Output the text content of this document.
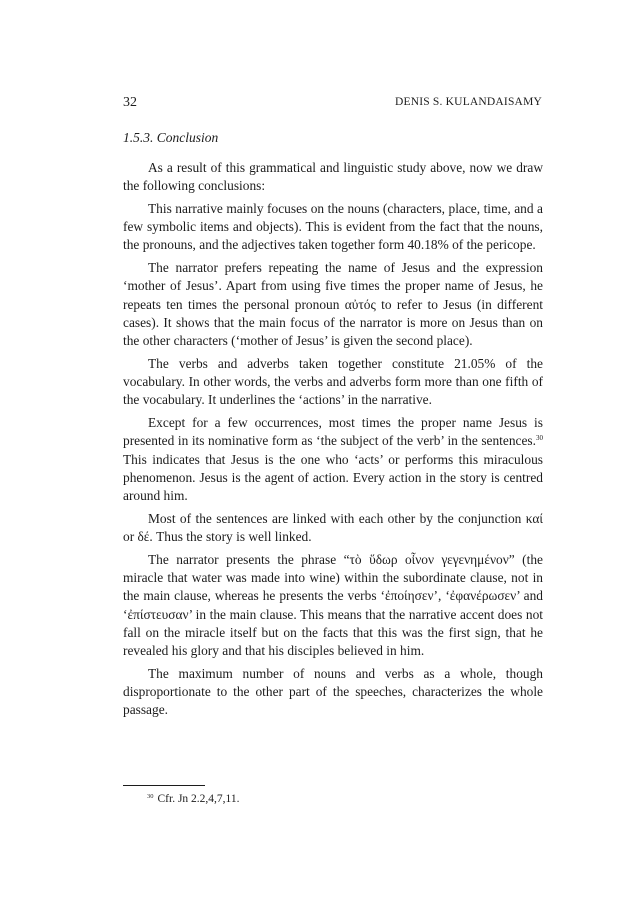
32	DENIS S. KULANDAISAMY
1.5.3. Conclusion

As a result of this grammatical and linguistic study above, now we draw the following conclusions:

This narrative mainly focuses on the nouns (characters, place, time, and a few symbolic items and objects). This is evident from the fact that the nouns, the pronouns, and the adjectives taken together form 40.18% of the pericope.

The narrator prefers repeating the name of Jesus and the expression ‘mother of Jesus’. Apart from using five times the proper name of Jesus, he repeats ten times the personal pronoun αὐτός to refer to Jesus (in different cases). It shows that the main focus of the narrator is more on Jesus than on the other characters (‘mother of Jesus’ is given the second place).

The verbs and adverbs taken together constitute 21.05% of the vocabulary. In other words, the verbs and adverbs form more than one fifth of the vocabulary. It underlines the ‘actions’ in the narrative.

Except for a few occurrences, most times the proper name Jesus is presented in its nominative form as ‘the subject of the verb’ in the sentences.$^{30}$ This indicates that Jesus is the one who ‘acts’ or performs this miraculous phenomenon. Jesus is the agent of action. Every action in the story is centred around him.

Most of the sentences are linked with each other by the conjunction καί or δέ. Thus the story is well linked.

The narrator presents the phrase “τὸ ὕδωρ οἶνον γεγενημένον” (the miracle that water was made into wine) within the subordinate clause, not in the main clause, whereas he presents the verbs ‘ἐποίησεν’, ‘ἐφανέρωσεν’ and ‘ἐπίστευσαν’ in the main clause. This means that the narrative accent does not fall on the miracle itself but on the facts that this was the first sign, that he revealed his glory and that his disciples believed in him.

The maximum number of nouns and verbs as a whole, though disproportionate to the other part of the speeches, characterizes the whole passage.

$^{30}$ Cfr. Jn 2.2,4,7,11.
